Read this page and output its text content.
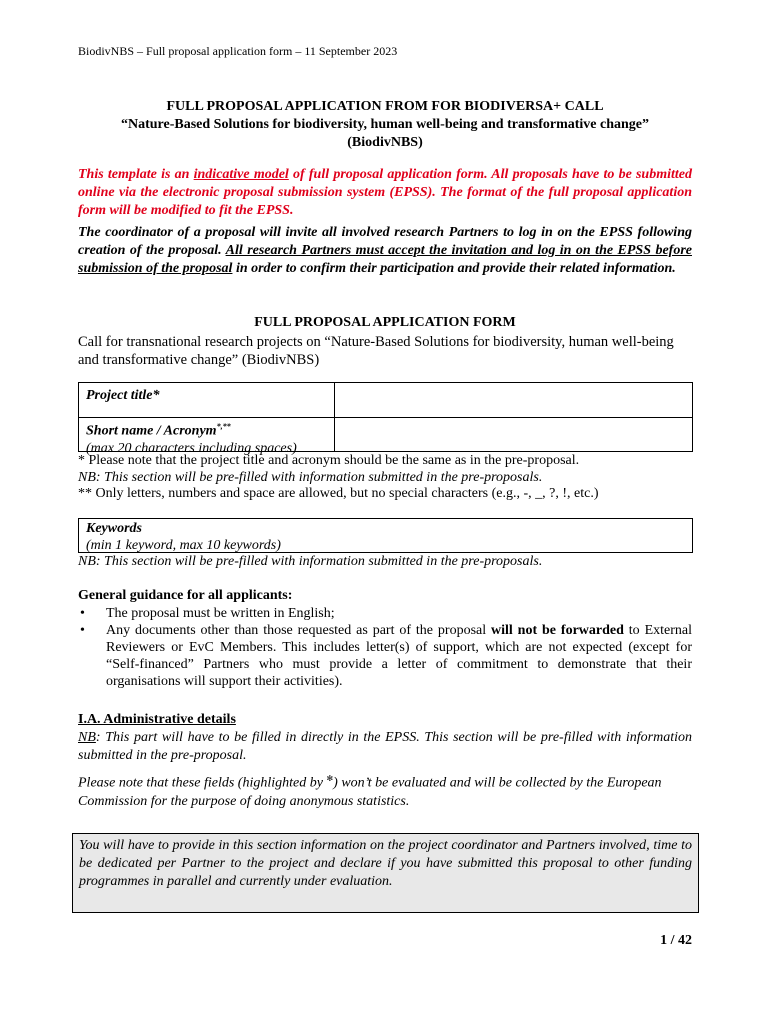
BiodivNBS – Full proposal application form – 11 September 2023
FULL PROPOSAL APPLICATION FROM FOR BIODIVERSA+ CALL
“Nature-Based Solutions for biodiversity, human well-being and transformative change”
(BiodivNBS)
This template is an indicative model of full proposal application form. All proposals have to be submitted online via the electronic proposal submission system (EPSS). The format of the full proposal application form will be modified to fit the EPSS.
The coordinator of a proposal will invite all involved research Partners to log in on the EPSS following creation of the proposal. All research Partners must accept the invitation and log in on the EPSS before submission of the proposal in order to confirm their participation and provide their related information.
FULL PROPOSAL APPLICATION FORM
Call for transnational research projects on “Nature-Based Solutions for biodiversity, human well-being and transformative change” (BiodivNBS)
Project title*
Short name / Acronym*,**
(max 20 characters including spaces)
* Please note that the project title and acronym should be the same as in the pre-proposal.
NB: This section will be pre-filled with information submitted in the pre-proposals.
** Only letters, numbers and space are allowed, but no special characters (e.g., -, _, ?, !, etc.)
Keywords
(min 1 keyword, max 10 keywords)
NB: This section will be pre-filled with information submitted in the pre-proposals.
General guidance for all applicants:
• The proposal must be written in English;
• Any documents other than those requested as part of the proposal will not be forwarded to External Reviewers or EvC Members. This includes letter(s) of support, which are not expected (except for “Self-financed” Partners who must provide a letter of commitment to demonstrate that their organisations will support their activities).
I.A. Administrative details
NB: This part will have to be filled in directly in the EPSS. This section will be pre-filled with information submitted in the pre-proposal.
Please note that these fields (highlighted by ✻) won’t be evaluated and will be collected by the European Commission for the purpose of doing anonymous statistics.
You will have to provide in this section information on the project coordinator and Partners involved, time to be dedicated per Partner to the project and declare if you have submitted this proposal to other funding programmes in parallel and currently under evaluation.
1 / 42
